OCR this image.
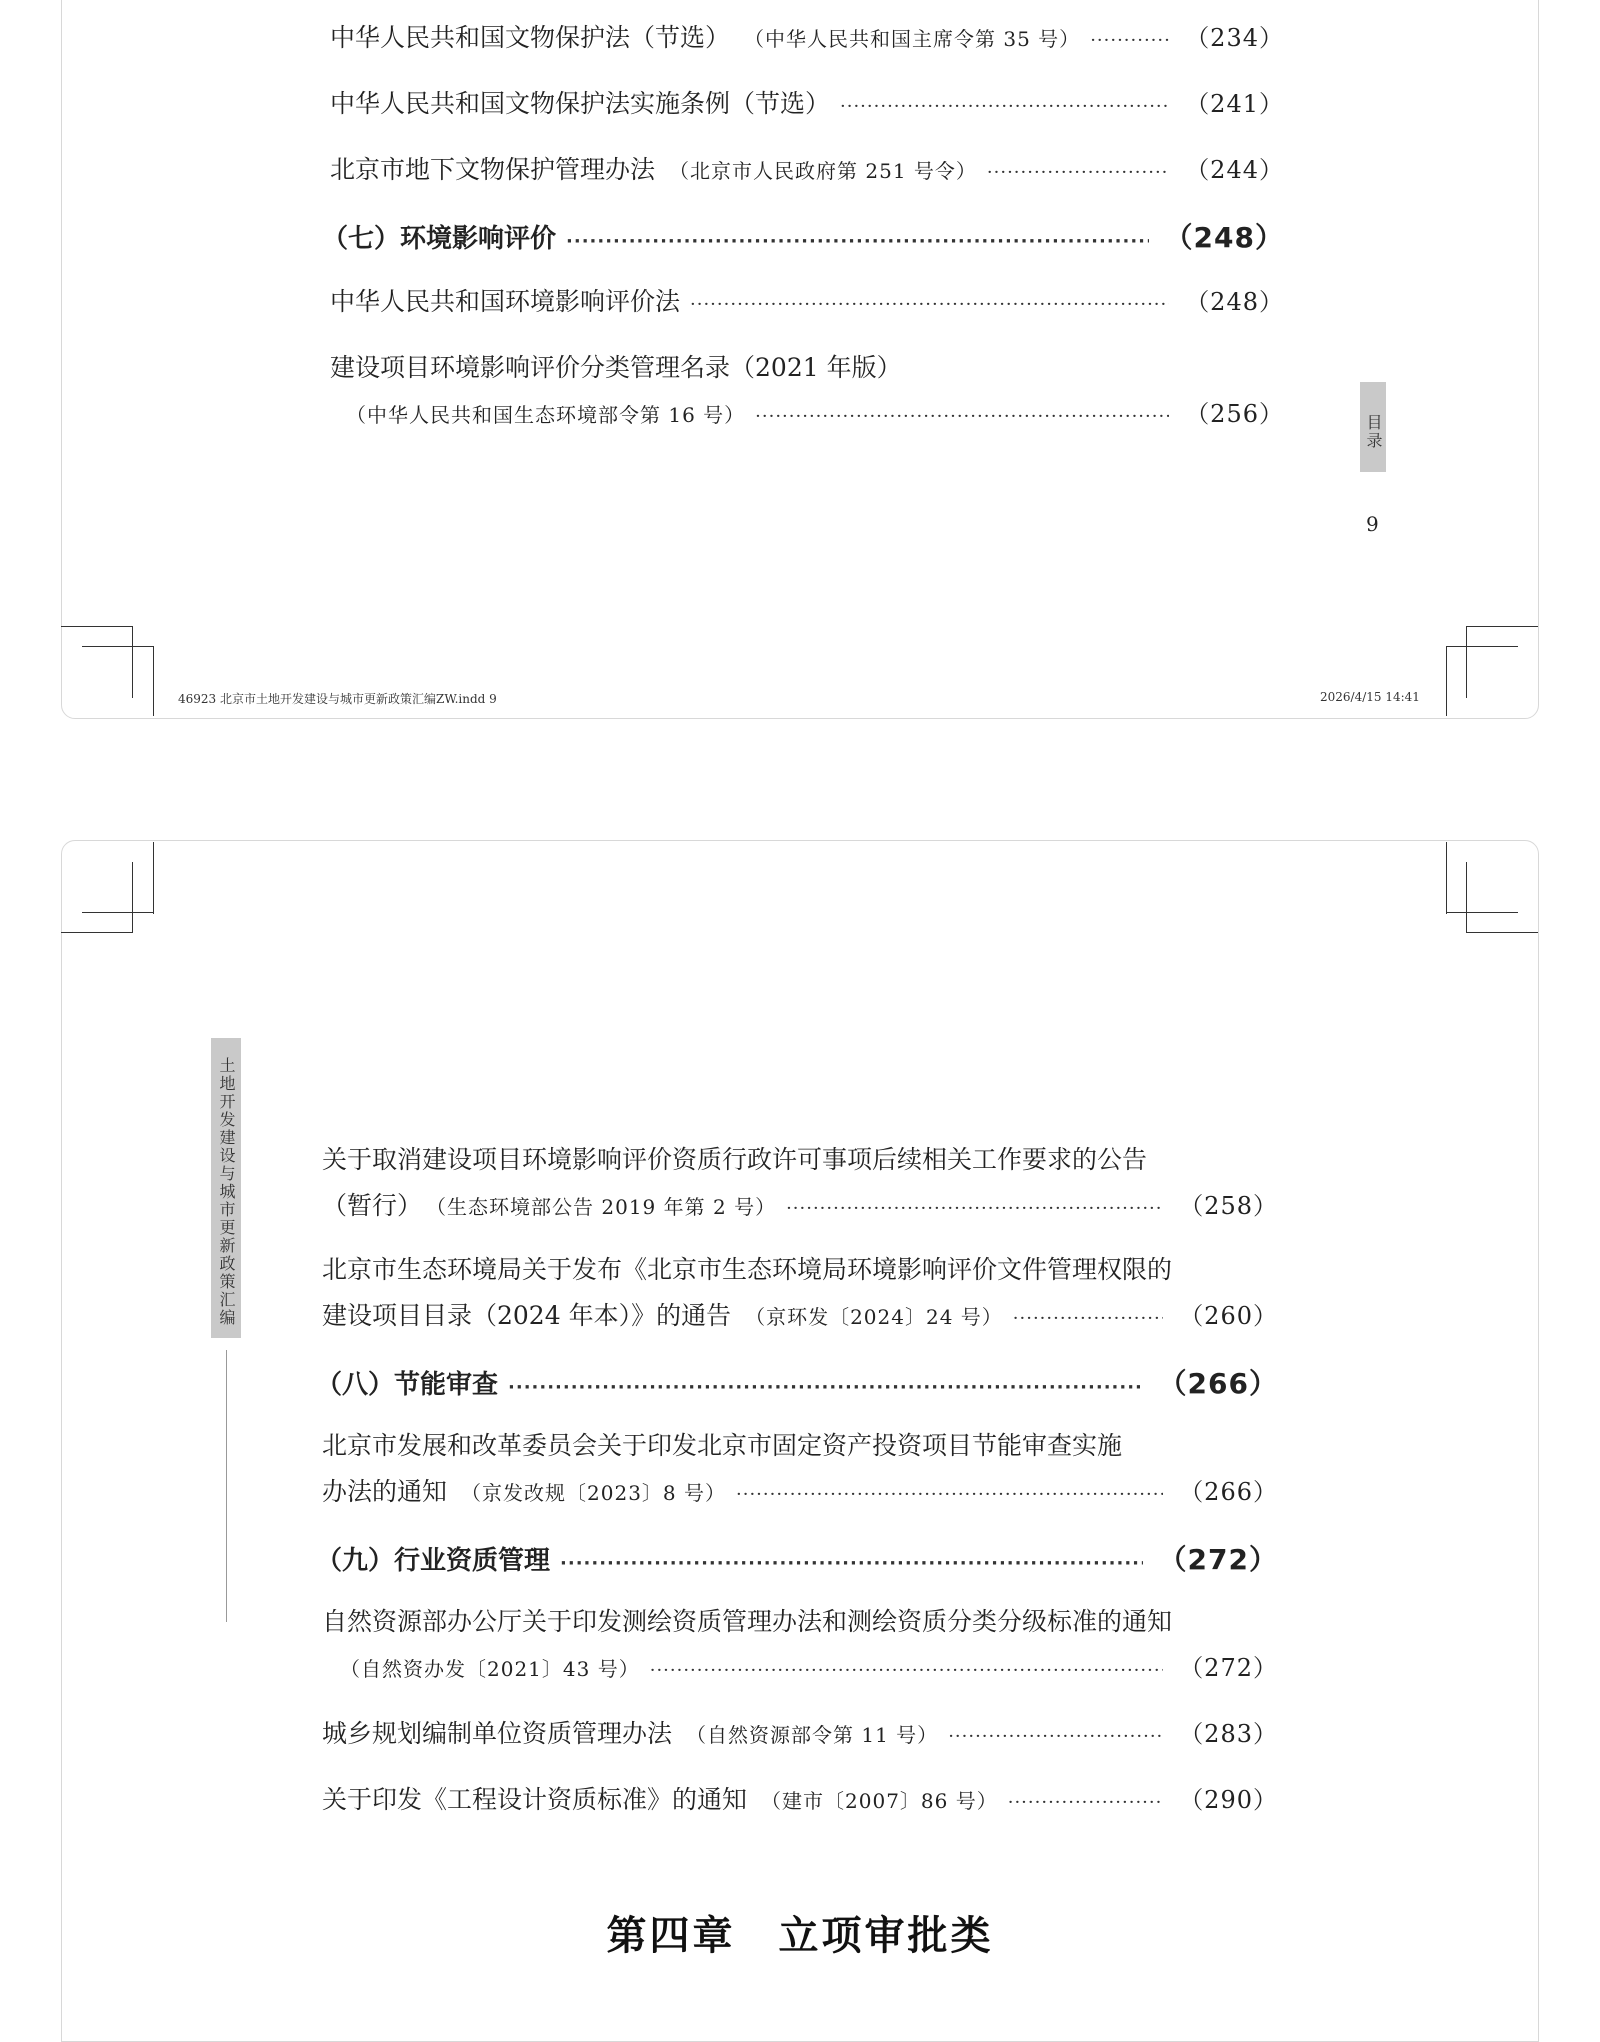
中华人民共和国文物保护法（节选） （中华人民共和国主席令第 35 号） ·····	（234）
中华人民共和国文物保护法实施条例（节选） ·····	（241）
北京市地下文物保护管理办法 （北京市人民政府第 251 号令） ·····	（244）
（七）环境影响评价 ·····	（248）
中华人民共和国环境影响评价法 ·····	（248）
建设项目环境影响评价分类管理名录（2021 年版）
（中华人民共和国生态环境部令第 16 号） ·····	（256）	目录
9
46923 北京市土地开发建设与城市更新政策汇编ZW.indd 9	2026/4/15 14:41
土地开发建设与城市更新政策汇编	关于取消建设项目环境影响评价资质行政许可事项后续相关工作要求的公告
（暂行） （生态环境部公告 2019 年第 2 号） ·····	（258）
北京市生态环境局关于发布《北京市生态环境局环境影响评价文件管理权限的
建设项目目录（2024 年本）》的通告 （京环发〔2024〕24 号） ·····	（260）
（八）节能审查 ·····	（266）
北京市发展和改革委员会关于印发北京市固定资产投资项目节能审查实施
办法的通知 （京发改规〔2023〕8 号） ·····	（266）
（九）行业资质管理 ·····	（272）
自然资源部办公厅关于印发测绘资质管理办法和测绘资质分类分级标准的通知
（自然资办发〔2021〕43 号） ·····	（272）
城乡规划编制单位资质管理办法 （自然资源部令第 11 号） ·····	（283）
关于印发《工程设计资质标准》的通知 （建市〔2007〕86 号） ·····	（290）
第四章　立项审批类
